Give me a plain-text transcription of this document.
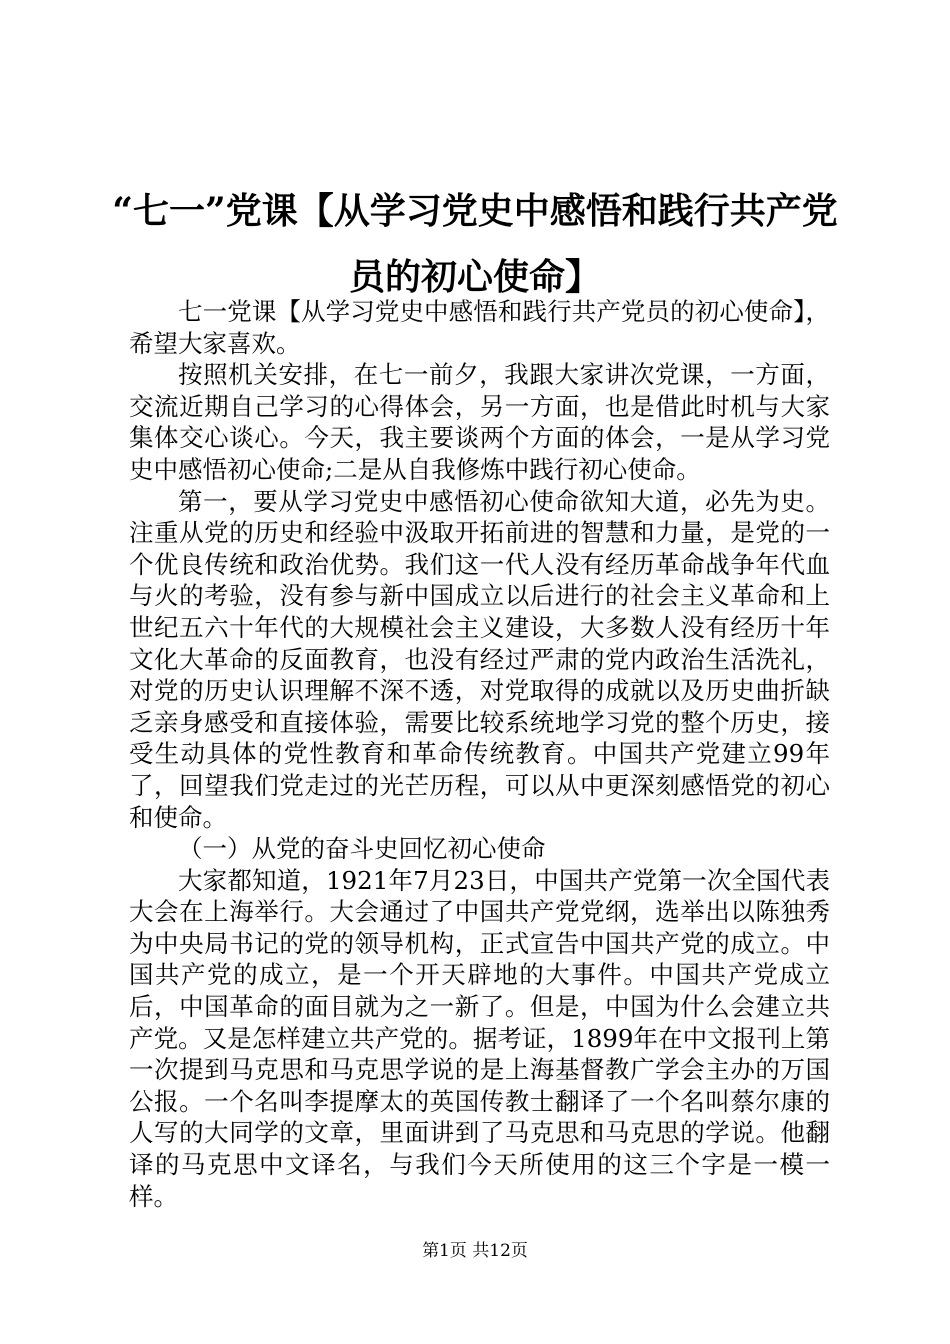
“七一”党课【从学习党史中感悟和践行共产党员的初心使命】

七一党课【从学习党史中感悟和践行共产党员的初心使命】，希望大家喜欢。

按照机关安排，在七一前夕，我跟大家讲次党课，一方面，交流近期自己学习的心得体会，另一方面，也是借此时机与大家集体交心谈心。今天，我主要谈两个方面的体会，一是从学习党史中感悟初心使命;二是从自我修炼中践行初心使命。

第一，要从学习党史中感悟初心使命欲知大道，必先为史。注重从党的历史和经验中汲取开拓前进的智慧和力量，是党的一个优良传统和政治优势。我们这一代人没有经历革命战争年代血与火的考验，没有参与新中国成立以后进行的社会主义革命和上世纪五六十年代的大规模社会主义建设，大多数人没有经历十年文化大革命的反面教育，也没有经过严肃的党内政治生活洗礼，对党的历史认识理解不深不透，对党取得的成就以及历史曲折缺乏亲身感受和直接体验，需要比较系统地学习党的整个历史，接受生动具体的党性教育和革命传统教育。中国共产党建立99年了，回望我们党走过的光芒历程，可以从中更深刻感悟党的初心和使命。

（一）从党的奋斗史回忆初心使命

大家都知道，1921年7月23日，中国共产党第一次全国代表大会在上海举行。大会通过了中国共产党党纲，选举出以陈独秀为中央局书记的党的领导机构，正式宣告中国共产党的成立。中国共产党的成立，是一个开天辟地的大事件。中国共产党成立后，中国革命的面目就为之一新了。但是，中国为什么会建立共产党。又是怎样建立共产党的。据考证，1899年在中文报刊上第一次提到马克思和马克思学说的是上海基督教广学会主办的万国公报。一个名叫李提摩太的英国传教士翻译了一个名叫蔡尔康的人写的大同学的文章，里面讲到了马克思和马克思的学说。他翻译的马克思中文译名，与我们今天所使用的这三个字是一模一样。

第1页 共12页
